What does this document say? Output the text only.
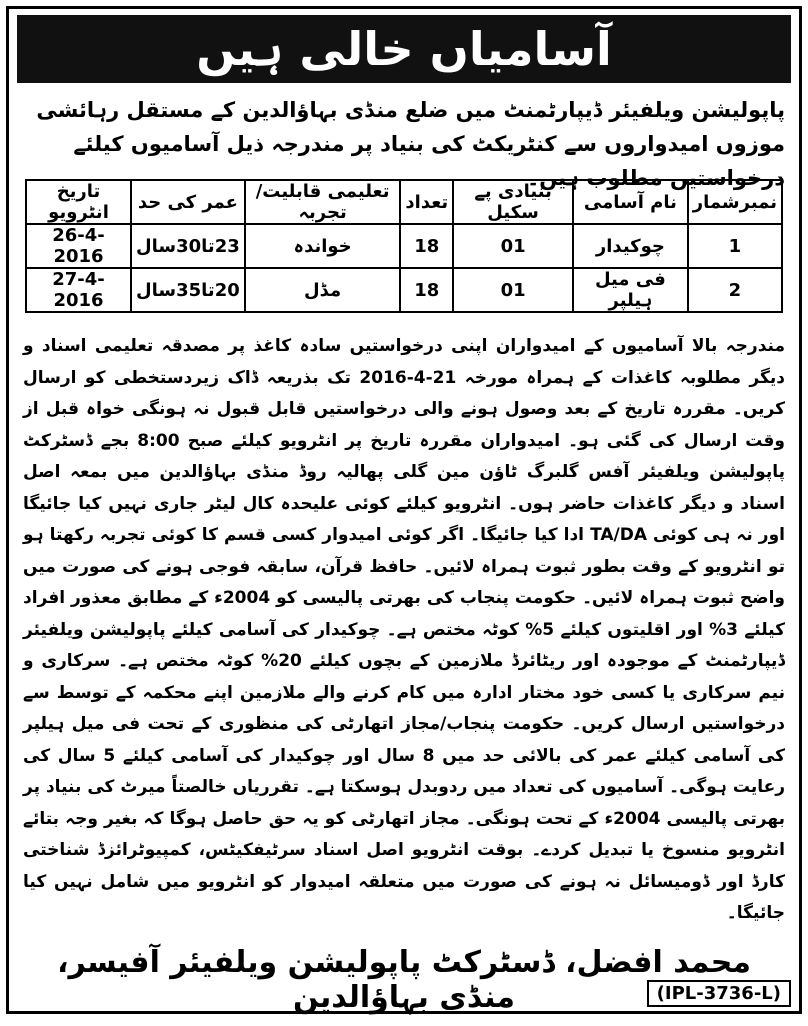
آسامیاں خالی ہیں

پاپولیشن ویلفیئر ڈیپارٹمنٹ میں ضلع منڈی بہاؤالدین کے مستقل رہائشی موزوں امیدواروں سے کنٹریکٹ کی بنیاد پر مندرجہ ذیل آسامیوں کیلئے درخواستیں مطلوب ہیں۔

نمبرشمار	نام آسامی	بنیادی پے سکیل	تعداد	تعلیمی قابلیت/تجربہ	عمر کی حد	تاریخ انٹرویو
1	چوکیدار	01	18	خواندہ	23تا30سال	26-4-2016
2	فی میل ہیلپر	01	18	مڈل	20تا35سال	27-4-2016

مندرجہ بالا آسامیوں کے امیدواران اپنی درخواستیں سادہ کاغذ پر مصدقہ تعلیمی اسناد و دیگر مطلوبہ کاغذات کے ہمراہ مورخہ 21-4-2016 تک بذریعہ ڈاک زیردستخطی کو ارسال کریں۔ مقررہ تاریخ کے بعد وصول ہونے والی درخواستیں قابل قبول نہ ہونگی خواہ قبل از وقت ارسال کی گئی ہو۔ امیدواران مقررہ تاریخ پر انٹرویو کیلئے صبح 8:00 بجے ڈسٹرکٹ پاپولیشن ویلفیئر آفس گلبرگ ٹاؤن مین گلی پھالیہ روڈ منڈی بہاؤالدین میں بمعہ اصل اسناد و دیگر کاغذات حاضر ہوں۔ انٹرویو کیلئے کوئی علیحدہ کال لیٹر جاری نہیں کیا جائیگا اور نہ ہی کوئی TA/DA ادا کیا جائیگا۔ اگر کوئی امیدوار کسی قسم کا کوئی تجربہ رکھتا ہو تو انٹرویو کے وقت بطور ثبوت ہمراہ لائیں۔ حافظ قرآن، سابقہ فوجی ہونے کی صورت میں واضح ثبوت ہمراہ لائیں۔ حکومت پنجاب کی بھرتی پالیسی کو 2004ء کے مطابق معذور افراد کیلئے 3% اور اقلیتوں کیلئے 5% کوٹہ مختص ہے۔ چوکیدار کی آسامی کیلئے پاپولیشن ویلفیئر ڈیپارٹمنٹ کے موجودہ اور ریٹائرڈ ملازمین کے بچوں کیلئے 20% کوٹہ مختص ہے۔ سرکاری و نیم سرکاری یا کسی خود مختار ادارہ میں کام کرنے والے ملازمین اپنے محکمہ کے توسط سے درخواستیں ارسال کریں۔ حکومت پنجاب/مجاز اتھارٹی کی منظوری کے تحت فی میل ہیلپر کی آسامی کیلئے عمر کی بالائی حد میں 8 سال اور چوکیدار کی آسامی کیلئے 5 سال کی رعایت ہوگی۔ آسامیوں کی تعداد میں ردوبدل ہوسکتا ہے۔ تقرریاں خالصتاً میرٹ کی بنیاد پر بھرتی پالیسی 2004ء کے تحت ہونگی۔ مجاز اتھارٹی کو یہ حق حاصل ہوگا کہ بغیر وجہ بتائے انٹرویو منسوخ یا تبدیل کردے۔ بوقت انٹرویو اصل اسناد سرٹیفکیٹس، کمپیوٹرائزڈ شناختی کارڈ اور ڈومیسائل نہ ہونے کی صورت میں متعلقہ امیدوار کو انٹرویو میں شامل نہیں کیا جائیگا۔

محمد افضل، ڈسٹرکٹ پاپولیشن ویلفیئر آفیسر، منڈی بہاؤالدین	(IPL-3736-L)
